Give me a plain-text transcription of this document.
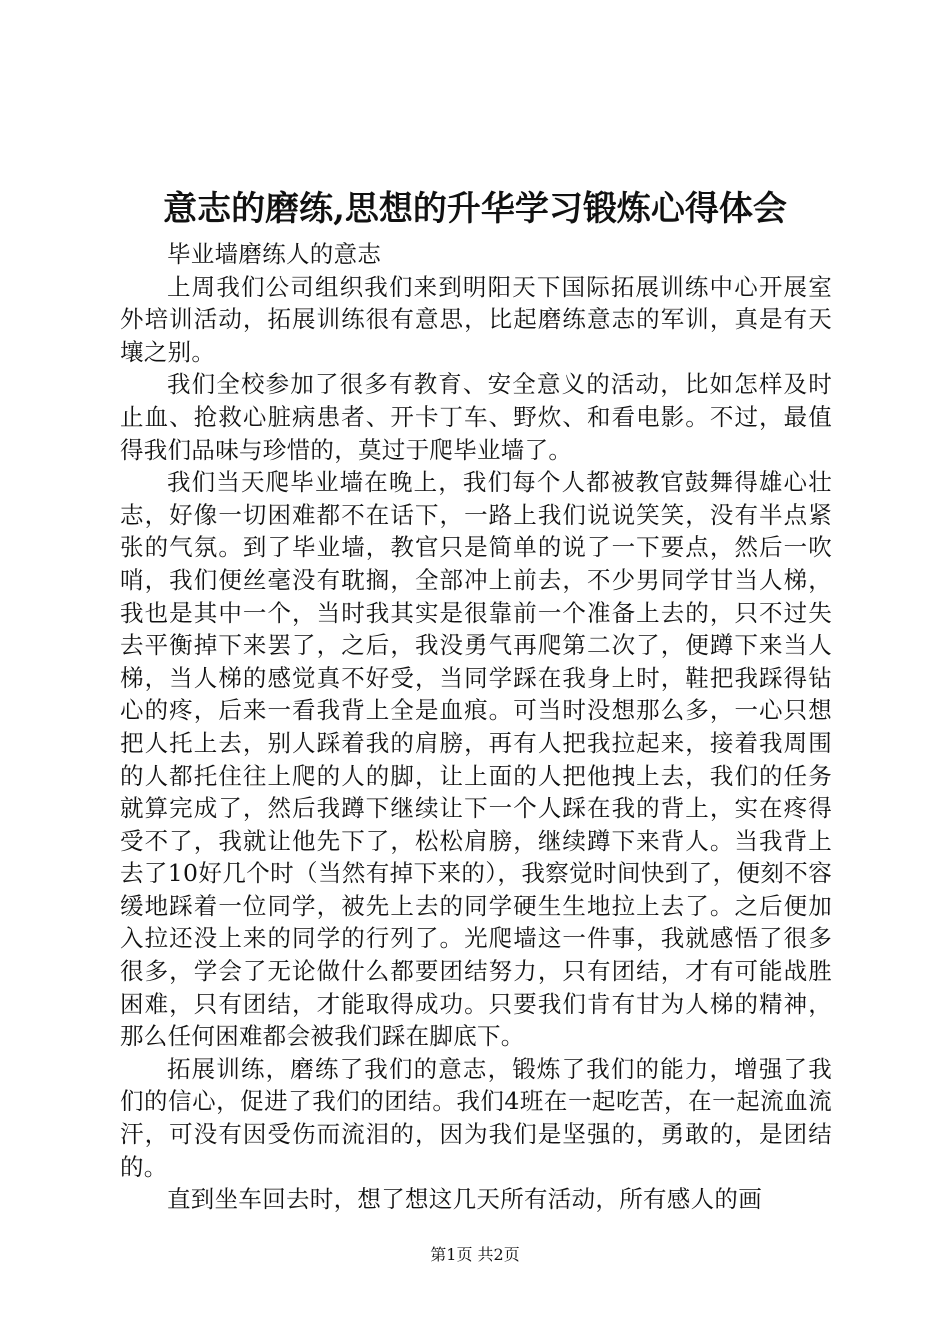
意志的磨练,思想的升华学习锻炼心得体会

毕业墙磨练人的意志

上周我们公司组织我们来到明阳天下国际拓展训练中心开展室外培训活动，拓展训练很有意思，比起磨练意志的军训，真是有天壤之别。

我们全校参加了很多有教育、安全意义的活动，比如怎样及时止血、抢救心脏病患者、开卡丁车、野炊、和看电影。不过，最值得我们品味与珍惜的，莫过于爬毕业墙了。

我们当天爬毕业墙在晚上，我们每个人都被教官鼓舞得雄心壮志，好像一切困难都不在话下，一路上我们说说笑笑，没有半点紧张的气氛。到了毕业墙，教官只是简单的说了一下要点，然后一吹哨，我们便丝毫没有耽搁，全部冲上前去，不少男同学甘当人梯，我也是其中一个，当时我其实是很靠前一个准备上去的，只不过失去平衡掉下来罢了，之后，我没勇气再爬第二次了，便蹲下来当人梯，当人梯的感觉真不好受，当同学踩在我身上时，鞋把我踩得钻心的疼，后来一看我背上全是血痕。可当时没想那么多，一心只想把人托上去，别人踩着我的肩膀，再有人把我拉起来，接着我周围的人都托住往上爬的人的脚，让上面的人把他拽上去，我们的任务就算完成了，然后我蹲下继续让下一个人踩在我的背上，实在疼得受不了，我就让他先下了，松松肩膀，继续蹲下来背人。当我背上去了10好几个时（当然有掉下来的），我察觉时间快到了，便刻不容缓地踩着一位同学，被先上去的同学硬生生地拉上去了。之后便加入拉还没上来的同学的行列了。光爬墙这一件事，我就感悟了很多很多，学会了无论做什么都要团结努力，只有团结，才有可能战胜困难，只有团结，才能取得成功。只要我们肯有甘为人梯的精神，那么任何困难都会被我们踩在脚底下。

拓展训练，磨练了我们的意志，锻炼了我们的能力，增强了我们的信心，促进了我们的团结。我们4班在一起吃苦，在一起流血流汗，可没有因受伤而流泪的，因为我们是坚强的，勇敢的，是团结的。

直到坐车回去时，想了想这几天所有活动，所有感人的画

第1页 共2页
